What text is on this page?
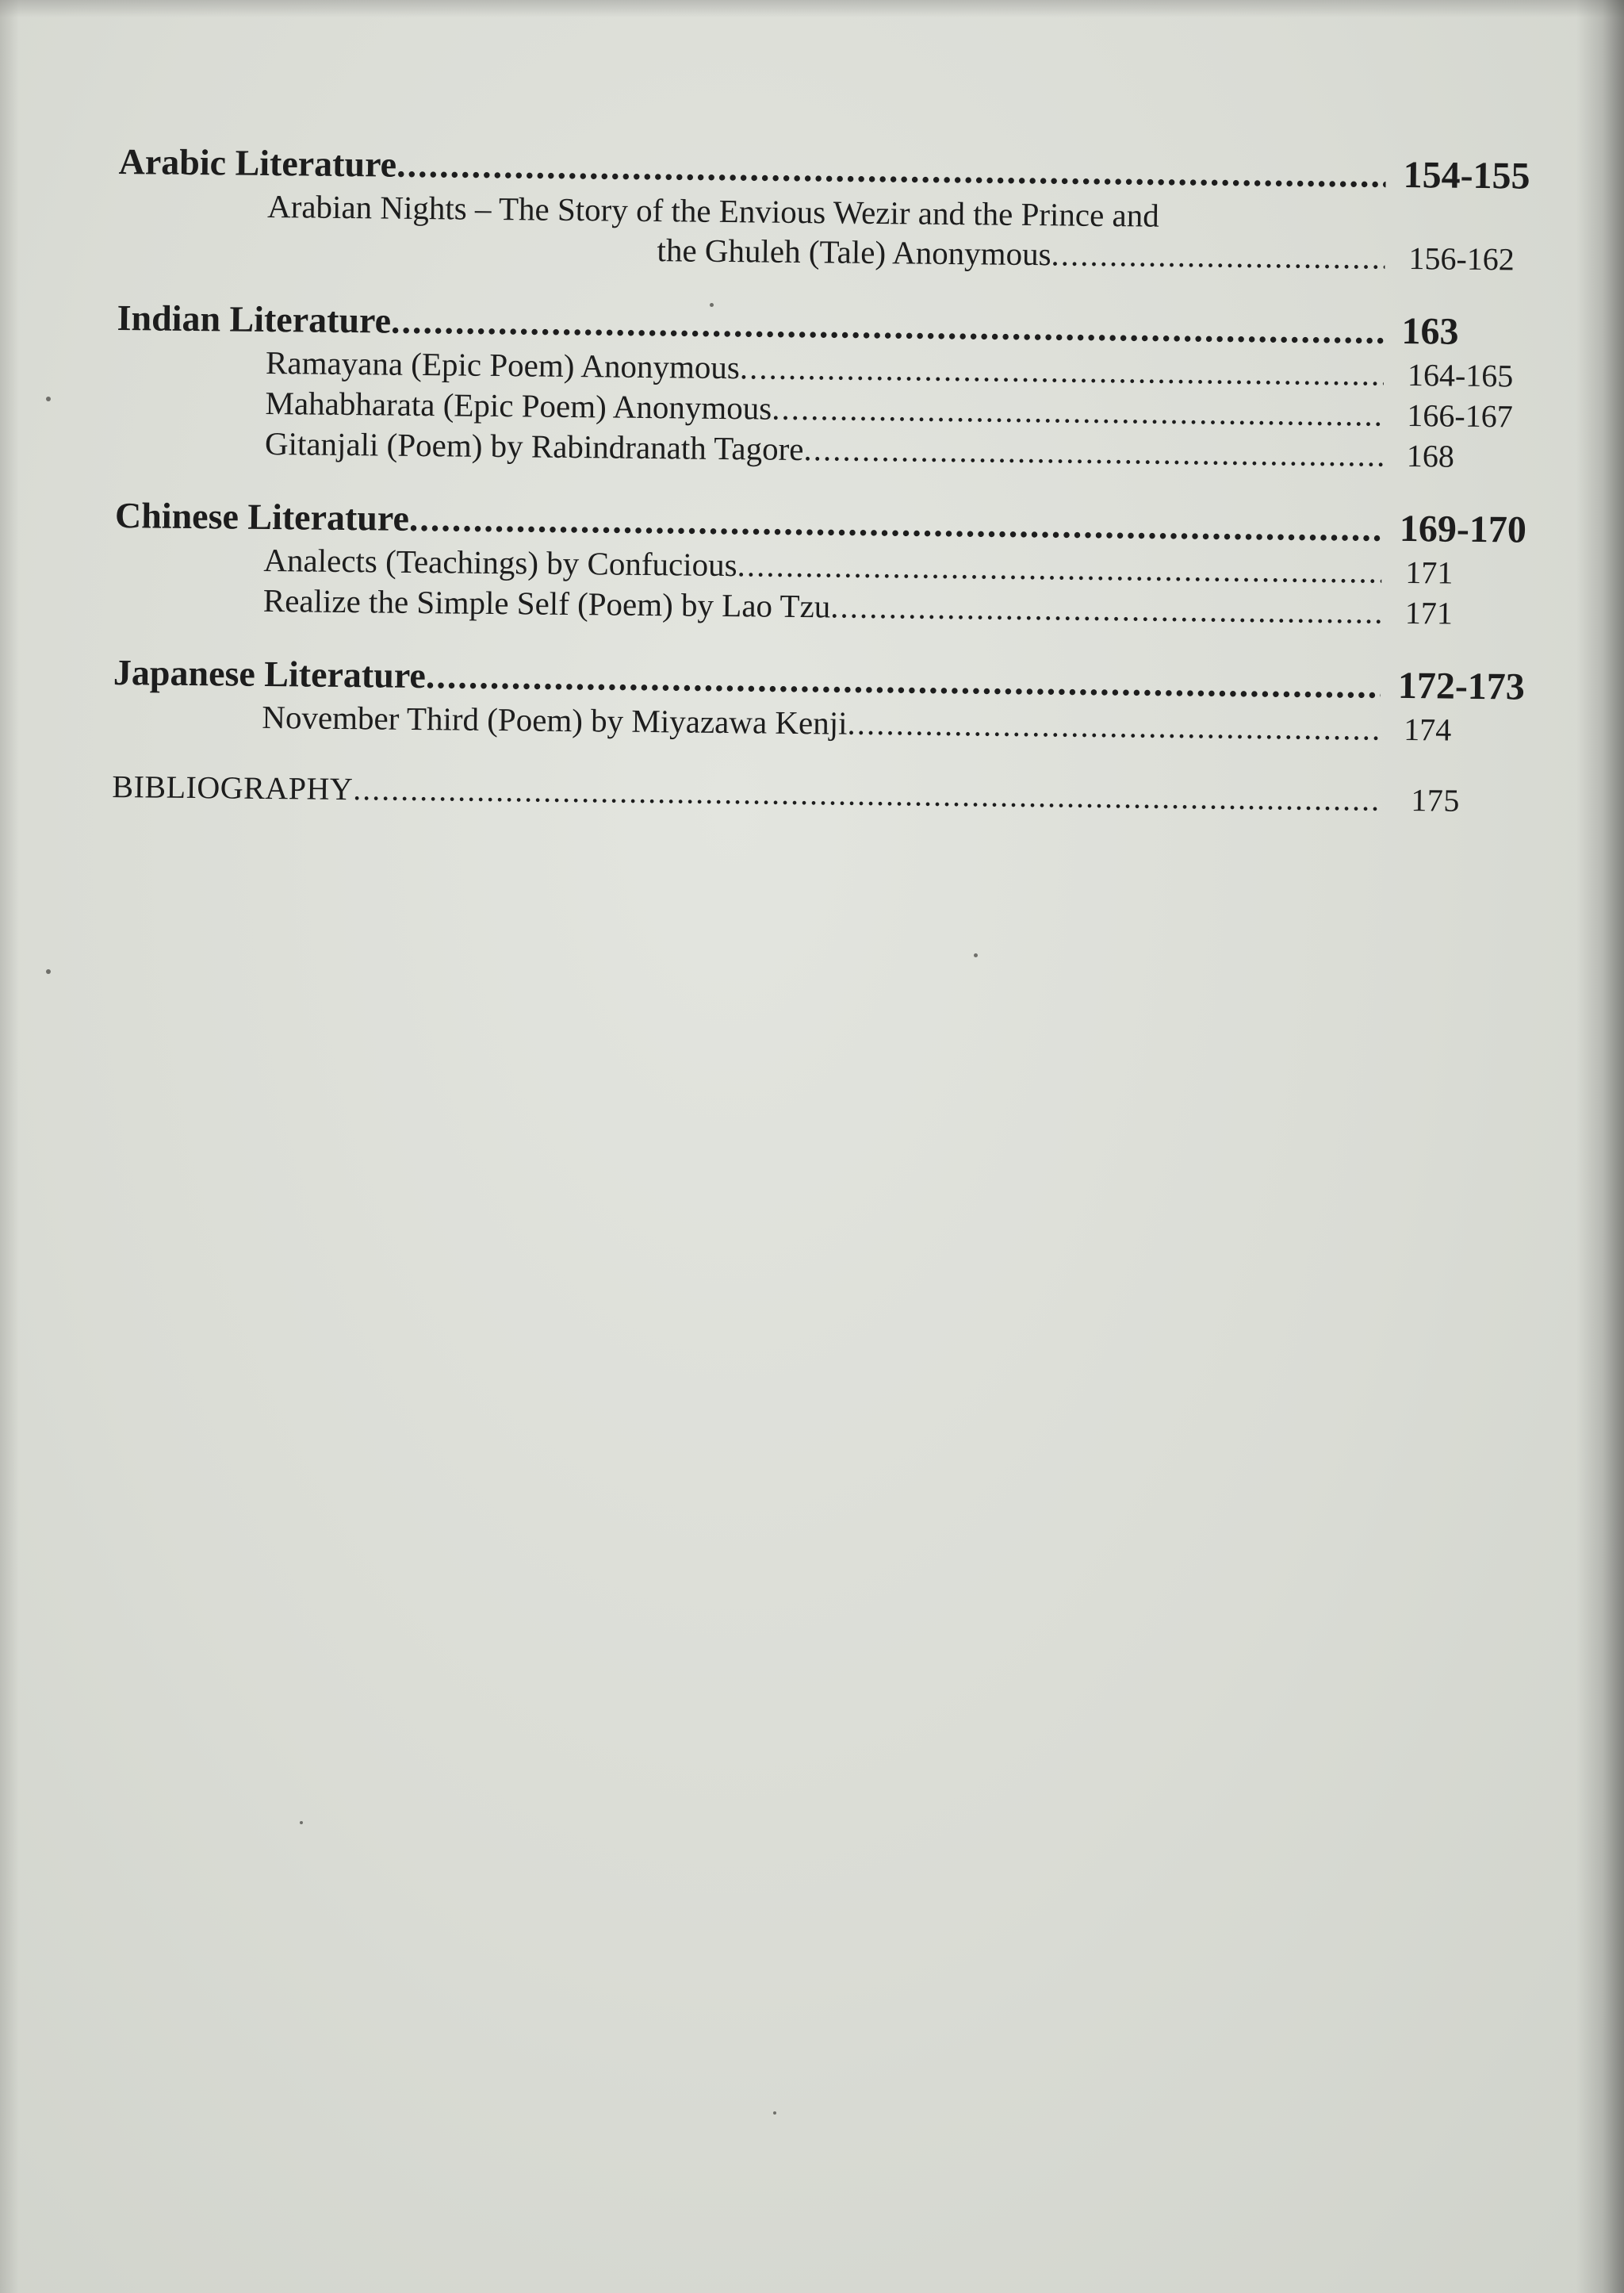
Arabic Literature .....	154-155
Arabian Nights – The Story of the Envious Wezir and the Prince and
the Ghuleh (Tale) Anonymous .....	156-162
Indian Literature .....	163
Ramayana (Epic Poem) Anonymous .....	164-165
Mahabharata (Epic Poem) Anonymous .....	166-167
Gitanjali (Poem) by Rabindranath Tagore .....	168
Chinese Literature .....	169-170
Analects (Teachings) by Confucious .....	171
Realize the Simple Self (Poem) by Lao Tzu .....	171
Japanese Literature .....	172-173
November Third (Poem) by Miyazawa Kenji .....	174
BIBLIOGRAPHY .....	175
